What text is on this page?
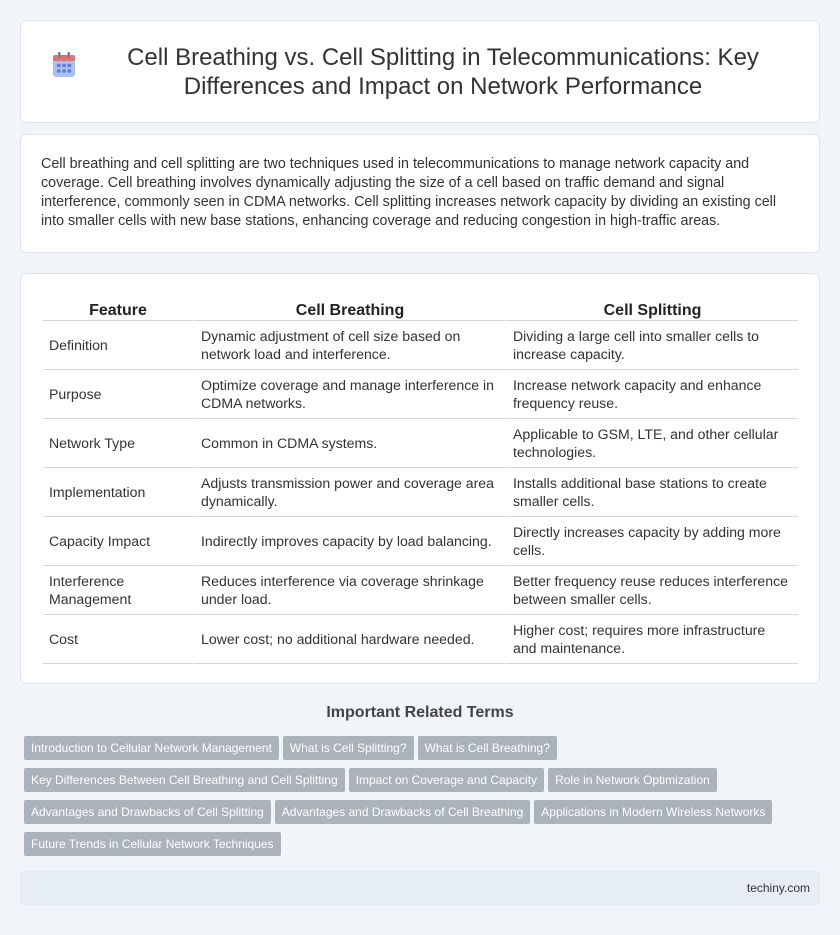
Cell Breathing vs. Cell Splitting in Telecommunications: Key Differences and Impact on Network Performance

Cell breathing and cell splitting are two techniques used in telecommunications to manage network capacity and coverage. Cell breathing involves dynamically adjusting the size of a cell based on traffic demand and signal interference, commonly seen in CDMA networks. Cell splitting increases network capacity by dividing an existing cell into smaller cells with new base stations, enhancing coverage and reducing congestion in high-traffic areas.

Feature	Cell Breathing	Cell Splitting
Definition	Dynamic adjustment of cell size based on network load and interference.	Dividing a large cell into smaller cells to increase capacity.
Purpose	Optimize coverage and manage interference in CDMA networks.	Increase network capacity and enhance frequency reuse.
Network Type	Common in CDMA systems.	Applicable to GSM, LTE, and other cellular technologies.
Implementation	Adjusts transmission power and coverage area dynamically.	Installs additional base stations to create smaller cells.
Capacity Impact	Indirectly improves capacity by load balancing.	Directly increases capacity by adding more cells.
Interference Management	Reduces interference via coverage shrinkage under load.	Better frequency reuse reduces interference between smaller cells.
Cost	Lower cost; no additional hardware needed.	Higher cost; requires more infrastructure and maintenance.
Important Related Terms
Introduction to Cellular Network Management	What is Cell Splitting?	What is Cell Breathing?
Key Differences Between Cell Breathing and Cell Splitting	Impact on Coverage and Capacity	Role in Network Optimization
Advantages and Drawbacks of Cell Splitting	Advantages and Drawbacks of Cell Breathing	Applications in Modern Wireless Networks
Future Trends in Cellular Network Techniques
techiny.com
